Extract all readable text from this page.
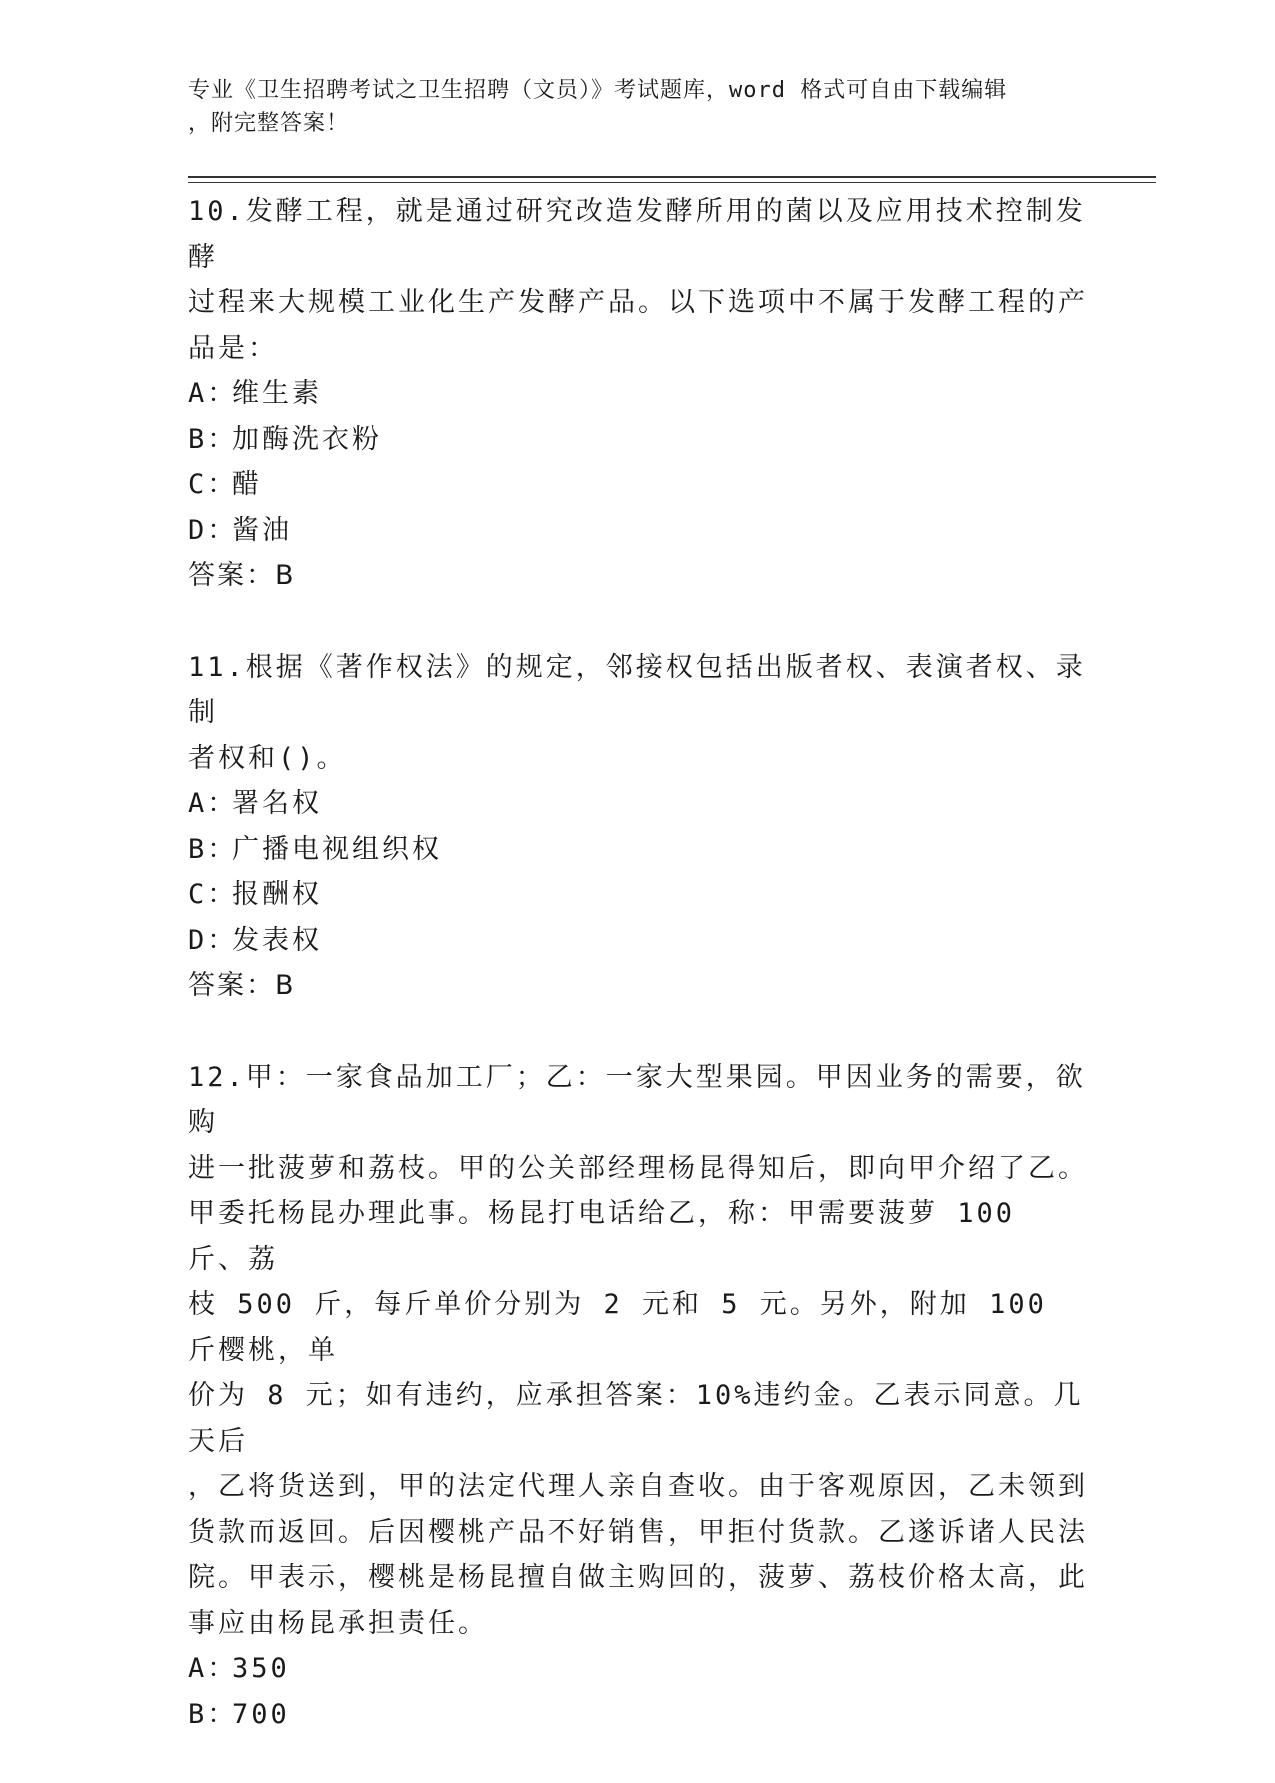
专业《卫生招聘考试之卫生招聘（文员）》考试题库，word 格式可自由下载编辑
，附完整答案！
10.发酵工程，就是通过研究改造发酵所用的菌以及应用技术控制发酵
过程来大规模工业化生产发酵产品。以下选项中不属于发酵工程的产
品是：
A：维生素
B：加酶洗衣粉
C：醋
D：酱油
答案：B
11.根据《著作权法》的规定，邻接权包括出版者权、表演者权、录制
者权和()。
A：署名权
B：广播电视组织权
C：报酬权
D：发表权
答案：B
12.甲：一家食品加工厂；乙：一家大型果园。甲因业务的需要，欲购
进一批菠萝和荔枝。甲的公关部经理杨昆得知后，即向甲介绍了乙。
甲委托杨昆办理此事。杨昆打电话给乙，称：甲需要菠萝 100 斤、荔
枝 500 斤，每斤单价分别为 2 元和 5 元。另外，附加 100 斤樱桃，单
价为 8 元；如有违约，应承担答案：10%违约金。乙表示同意。几天后
，乙将货送到，甲的法定代理人亲自查收。由于客观原因，乙未领到
货款而返回。后因樱桃产品不好销售，甲拒付货款。乙遂诉诸人民法
院。甲表示，樱桃是杨昆擅自做主购回的，菠萝、荔枝价格太高，此
事应由杨昆承担责任。
A：350
B：700
